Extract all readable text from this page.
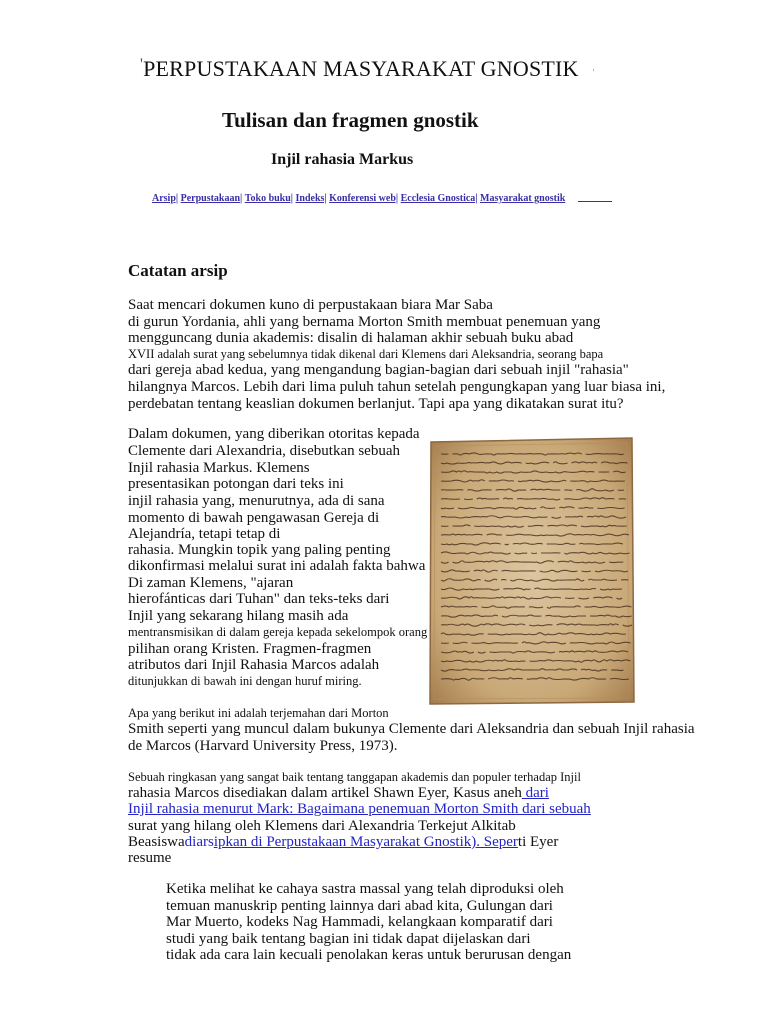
'PERPUSTAKAAN MASYARAKAT GNOSTIK '
Tulisan dan fragmen gnostik
Injil rahasia Markus
Arsip| Perpustakaan| Toko buku| Indeks| Konferensi web| Ecclesia Gnostica| Masyarakat gnostik
Catatan arsip
Saat mencari dokumen kuno di perpustakaan biara Mar Saba
di gurun Yordania, ahli yang bernama Morton Smith membuat penemuan yang
mengguncang dunia akademis: disalin di halaman akhir sebuah buku abad
XVII adalah surat yang sebelumnya tidak dikenal dari Klemens dari Aleksandria, seorang bapa
dari gereja abad kedua, yang mengandung bagian-bagian dari sebuah injil "rahasia"
hilangnya Marcos. Lebih dari lima puluh tahun setelah pengungkapan yang luar biasa ini,
perdebatan tentang keaslian dokumen berlanjut. Tapi apa yang dikatakan surat itu?
Dalam dokumen, yang diberikan otoritas kepada
Clemente dari Alexandria, disebutkan sebuah
Injil rahasia Markus. Klemens
presentasikan potongan dari teks ini
injil rahasia yang, menurutnya, ada di sana
momento di bawah pengawasan Gereja di
Alejandría, tetapi tetap di
rahasia. Mungkin topik yang paling penting
dikonfirmasi melalui surat ini adalah fakta bahwa
Di zaman Klemens, "ajaran
hierofánticas dari Tuhan" dan teks-teks dari
Injil yang sekarang hilang masih ada
mentransmisikan di dalam gereja kepada sekelompok orang
pilihan orang Kristen. Fragmen-fragmen
atributos dari Injil Rahasia Marcos adalah
ditunjukkan di bawah ini dengan huruf miring.
Apa yang berikut ini adalah terjemahan dari Morton
Smith seperti yang muncul dalam bukunya Clemente dari Aleksandria dan sebuah Injil rahasia
de Marcos (Harvard University Press, 1973).
Sebuah ringkasan yang sangat baik tentang tanggapan akademis dan populer terhadap Injil
rahasia Marcos disediakan dalam artikel Shawn Eyer, Kasus aneh dari
Injil rahasia menurut Mark: Bagaimana penemuan Morton Smith dari sebuah
surat yang hilang oleh Klemens dari Alexandria Terkejut Alkitab
Beasiswadiarsipkan di Perpustakaan Masyarakat Gnostik). Seperti Eyer
resume
Ketika melihat ke cahaya sastra massal yang telah diproduksi oleh
temuan manuskrip penting lainnya dari abad kita, Gulungan dari
Mar Muerto, kodeks Nag Hammadi, kelangkaan komparatif dari
studi yang baik tentang bagian ini tidak dapat dijelaskan dari
tidak ada cara lain kecuali penolakan keras untuk berurusan dengan
